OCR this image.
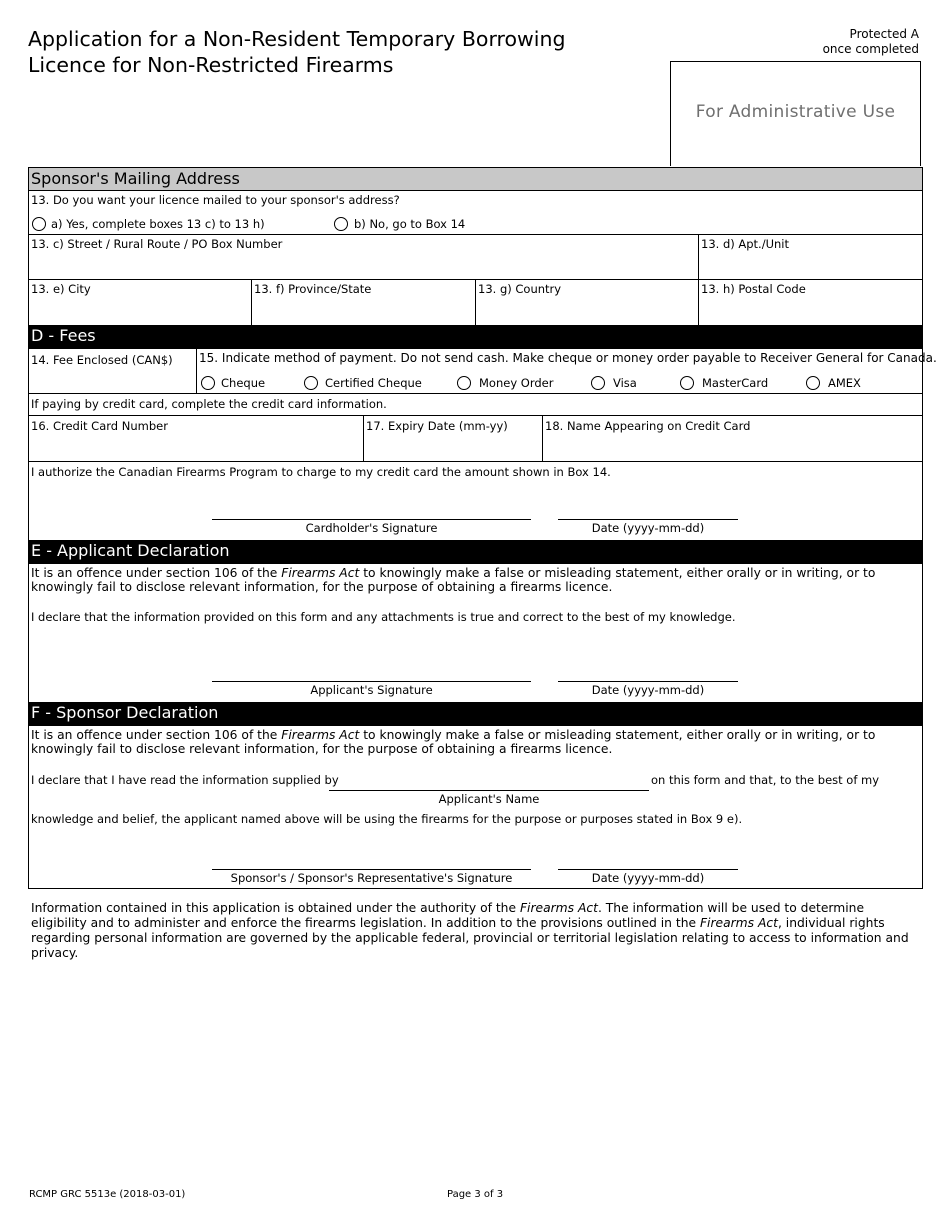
Application for a Non-Resident Temporary Borrowing
Licence for Non-Restricted Firearms
Protected A
once completed
For Administrative Use
Sponsor's Mailing Address
13. Do you want your licence mailed to your sponsor's address?
a) Yes, complete boxes 13 c) to 13 h)	b) No, go to Box 14
13. c) Street / Rural Route / PO Box Number	13. d) Apt./Unit
13. e) City	13. f) Province/State	13. g) Country	13. h) Postal Code
D - Fees
14. Fee Enclosed (CAN$) 15. Indicate method of payment. Do not send cash. Make cheque or money order payable to Receiver General for Canada.
Cheque	Certified Cheque	Money Order	Visa	MasterCard	AMEX
If paying by credit card, complete the credit card information.
16. Credit Card Number	17. Expiry Date (mm-yy)	18. Name Appearing on Credit Card
I authorize the Canadian Firearms Program to charge to my credit card the amount shown in Box 14.
Cardholder's Signature	Date (yyyy-mm-dd)
E - Applicant Declaration
It is an offence under section 106 of the Firearms Act to knowingly make a false or misleading statement, either orally or in writing, or to knowingly fail to disclose relevant information, for the purpose of obtaining a firearms licence.
I declare that the information provided on this form and any attachments is true and correct to the best of my knowledge.
Applicant's Signature	Date (yyyy-mm-dd)
F - Sponsor Declaration
It is an offence under section 106 of the Firearms Act to knowingly make a false or misleading statement, either orally or in writing, or to knowingly fail to disclose relevant information, for the purpose of obtaining a firearms licence.
I declare that I have read the information supplied by
Applicant's Name
on this form and that, to the best of my
knowledge and belief, the applicant named above will be using the firearms for the purpose or purposes stated in Box 9 e).
Sponsor's / Sponsor's Representative's Signature	Date (yyyy-mm-dd)
Information contained in this application is obtained under the authority of the Firearms Act. The information will be used to determine eligibility and to administer and enforce the firearms legislation. In addition to the provisions outlined in the Firearms Act, individual rights regarding personal information are governed by the applicable federal, provincial or territorial legislation relating to access to information and privacy.
RCMP GRC 5513e (2018-03-01)	Page 3 of 3
